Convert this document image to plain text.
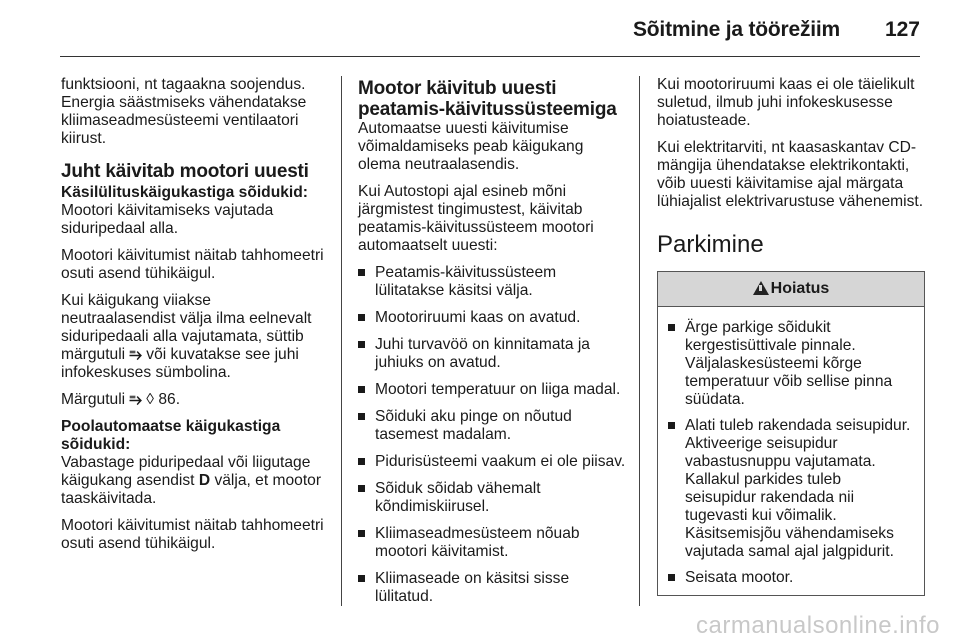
Sõitmine ja töörežiim 127

funktsiooni, nt tagaakna soojendus. Energia säästmiseks vähendatakse kliimaseadmesüsteemi ventilaatori kiirust.

Juht käivitab mootori uuesti
Käsilülituskäigukastiga sõidukid:

Mootori käivitamiseks vajutada siduripedaal alla.

Mootori käivitumist näitab tahhomeetri osuti asend tühikäigul.

Kui käigukang viiakse neutraalasendist välja ilma eelnevalt siduripedaali alla vajutamata, süttib märgutuli ⥱ või kuvatakse see juhi infokeskuses sümbolina.

Märgutuli ⥱ ◊ 86.

Poolautomaatse käigukastiga sõidukid:

Vabastage piduripedaal või liigutage käigukang asendist D välja, et mootor taaskäivitada.

Mootori käivitumist näitab tahhomeetri osuti asend tühikäigul.

Mootor käivitub uuesti peatamis-käivitussüsteemiga

Automaatse uuesti käivitumise võimaldamiseks peab käigukang olema neutraalasendis.

Kui Autostopi ajal esineb mõni järgmistest tingimustest, käivitab peatamis-käivitussüsteem mootori automaatselt uuesti:

Peatamis-käivitussüsteem lülitatakse käsitsi välja.
Mootoriruumi kaas on avatud.
Juhi turvavöö on kinnitamata ja juhiuks on avatud.
Mootori temperatuur on liiga madal.
Sõiduki aku pinge on nõutud tasemest madalam.
Pidurisüsteemi vaakum ei ole piisav.
Sõiduk sõidab vähemalt kõndimiskiirusel.
Kliimaseadmesüsteem nõuab mootori käivitamist.
Kliimaseade on käsitsi sisse lülitatud.

Kui mootoriruumi kaas ei ole täielikult suletud, ilmub juhi infokeskusesse hoiatusteade.

Kui elektritarviti, nt kaasaskantav CD-mängija ühendatakse elektrikontakti, võib uuesti käivitamise ajal märgata lühiajalist elektrivarustuse vähenemist.

Parkimine
Hoiatus
Ärge parkige sõidukit kergestisüttivale pinnale. Väljalaskesüsteemi kõrge temperatuur võib sellise pinna süüdata.
Alati tuleb rakendada seisupidur. Aktiveerige seisupidur vabastusnuppu vajutamata. Kallakul parkides tuleb seisupidur rakendada nii tugevasti kui võimalik. Käsitsemisjõu vähendamiseks vajutada samal ajal jalgpidurit.
Seisata mootor.
carmanualsonline.info
